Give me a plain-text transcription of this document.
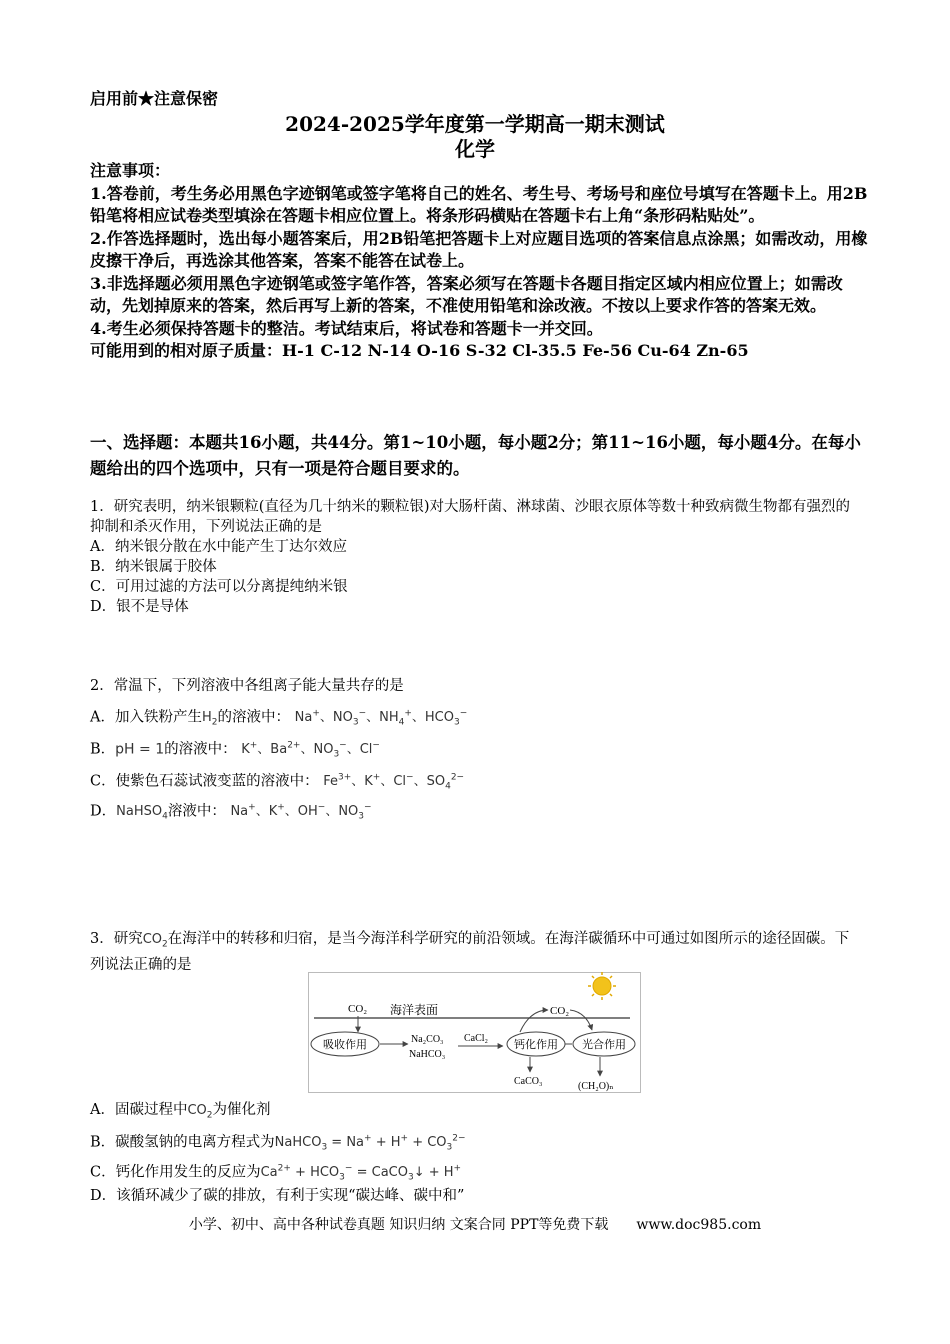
启用前★注意保密
2024-2025学年度第一学期高一期末测试
化学
注意事项：
1.答卷前，考生务必用黑色字迹钢笔或签字笔将自己的姓名、考生号、考场号和座位号填写在答题卡上。用2B铅笔将相应试卷类型填涂在答题卡相应位置上。将条形码横贴在答题卡右上角“条形码粘贴处”。
2.作答选择题时，选出每小题答案后，用2B铅笔把答题卡上对应题目选项的答案信息点涂黑；如需改动，用橡皮擦干净后，再选涂其他答案，答案不能答在试卷上。
3.非选择题必须用黑色字迹钢笔或签字笔作答，答案必须写在答题卡各题目指定区域内相应位置上；如需改动，先划掉原来的答案，然后再写上新的答案，不准使用铅笔和涂改液。不按以上要求作答的答案无效。
4.考生必须保持答题卡的整洁。考试结束后，将试卷和答题卡一并交回。
可能用到的相对原子质量：H-1 C-12 N-14 O-16 S-32 Cl-35.5 Fe-56 Cu-64 Zn-65
一、选择题：本题共16小题，共44分。第1~10小题，每小题2分；第11~16小题，每小题4分。在每小题给出的四个选项中，只有一项是符合题目要求的。
1．研究表明，纳米银颗粒(直径为几十纳米的颗粒银)对大肠杆菌、淋球菌、沙眼衣原体等数十种致病微生物都有强烈的抑制和杀灭作用，下列说法正确的是
A．纳米银分散在水中能产生丁达尔效应
B．纳米银属于胶体
C．可用过滤的方法可以分离提纯纳米银
D．银不是导体
2．常温下，下列溶液中各组离子能大量共存的是
A．加入铁粉产生$H_2$的溶液中： Na+、$NO_3^-$、$NH_4^+$、$HCO_3^-$
B．pH = 1的溶液中： K+、$Ba^{2+}$、$NO_3^-$、Cl−
C．使紫色石蕊试液变蓝的溶液中： $Fe^{3+}$、K+、Cl−、$SO_4^{2-}$
D．NaHSO$_4$溶液中： Na+、K+、OH−、$NO_3^-$
3．研究$CO_2$在海洋中的转移和归宿，是当今海洋科学研究的前沿领域。在海洋碳循环中可通过如图所示的途径固碳。下列说法正确的是
CO₂ 海洋表面	CO₂
吸收作用	Na₂CO₃
NaHCO₃
CaCl₂
钙化作用 光合作用
CaCO₃	(CH₂O)ₙ
A．固碳过程中$CO_2$为催化剂
B．碳酸氢钠的电离方程式为NaHCO$_3$ = $Na^+ + H^+ + CO_3^{2-}$
C．钙化作用发生的反应为$Ca^{2+} + HCO_3^-$ = CaCO$_3$↓ + H+
D．该循环减少了碳的排放，有利于实现“碳达峰、碳中和”
小学、初中、高中各种试卷真题 知识归纳 文案合同 PPT等免费下载 www.doc985.com
